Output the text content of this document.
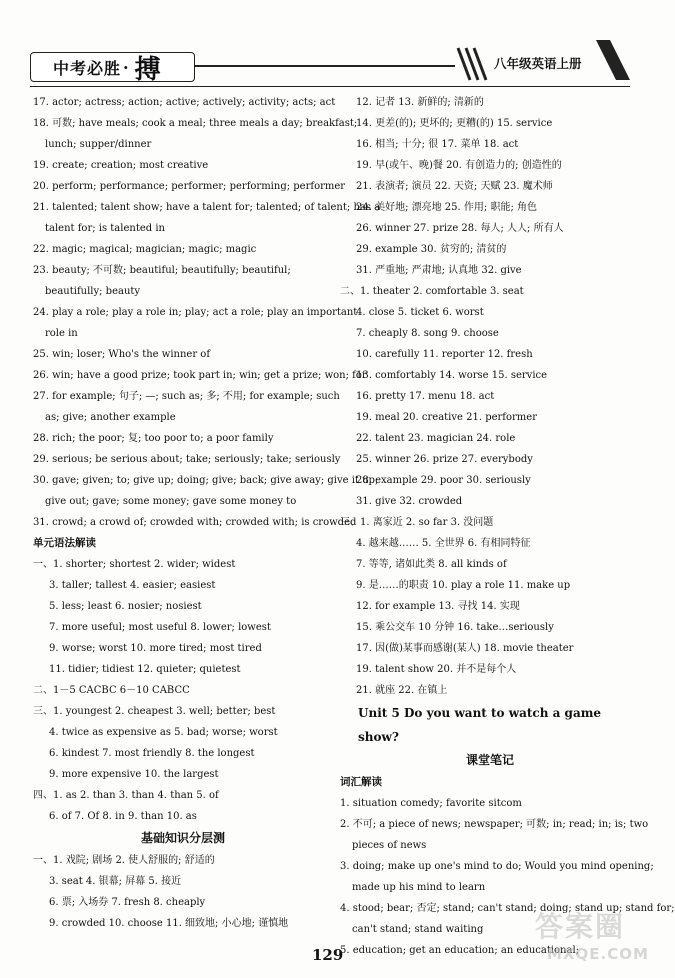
中考必胜 · 搏	八年级英语上册
17. actor; actress; action; active; actively; activity; acts; act
18. 可数; have meals; cook a meal; three meals a day; breakfast;
lunch; supper/dinner
19. create; creation; most creative
20. perform; performance; performer; performing; performer
21. talented; talent show; have a talent for; talented; of talent; has a
talent for; is talented in
22. magic; magical; magician; magic; magic
23. beauty; 不可数; beautiful; beautifully; beautiful;
beautifully; beauty
24. play a role; play a role in; play; act a role; play an important
role in
25. win; loser; Who's the winner of
26. win; have a good prize; took part in; win; get a prize; won; for
27. for example; 句子; —; such as; 多; 不用; for example; such
as; give; another example
28. rich; the poor; 复; too poor to; a poor family
29. serious; be serious about; take; seriously; take; seriously
30. gave; given; to; give up; doing; give; back; give away; give it up;
give out; gave; some money; gave some money to
31. crowd; a crowd of; crowded with; crowded with; is crowded
单元语法解读
一、1. shorter; shortest 2. wider; widest
3. taller; tallest 4. easier; easiest
5. less; least 6. nosier; nosiest
7. more useful; most useful 8. lower; lowest
9. worse; worst 10. more tired; most tired
11. tidier; tidiest 12. quieter; quietest
二、1－5 CACBC 6－10 CABCC
三、1. youngest 2. cheapest 3. well; better; best
4. twice as expensive as 5. bad; worse; worst
6. kindest 7. most friendly 8. the longest
9. more expensive 10. the largest
四、1. as 2. than 3. than 4. than 5. of
6. of 7. Of 8. in 9. than 10. as
基础知识分层测
一、1. 戏院; 剧场 2. 使人舒服的; 舒适的
3. seat 4. 银幕; 屏幕 5. 接近
6. 票; 入场券 7. fresh 8. cheaply
9. crowded 10. choose 11. 细致地; 小心地; 谨慎地
12. 记者 13. 新鲜的; 清新的
14. 更差(的); 更坏的; 更糟(的) 15. service
16. 相当; 十分; 很 17. 菜单 18. act
19. 早(或午、晚)餐 20. 有创造力的; 创造性的
21. 表演者; 演员 22. 天资; 天赋 23. 魔术师
24. 美好地; 漂亮地 25. 作用; 职能; 角色
26. winner 27. prize 28. 每人; 人人; 所有人
29. example 30. 贫穷的; 清贫的
31. 严重地; 严肃地; 认真地 32. give
二、1. theater 2. comfortable 3. seat
4. close 5. ticket 6. worst
7. cheaply 8. song 9. choose
10. carefully 11. reporter 12. fresh
13. comfortably 14. worse 15. service
16. pretty 17. menu 18. act
19. meal 20. creative 21. performer
22. talent 23. magician 24. role
25. winner 26. prize 27. everybody
28. example 29. poor 30. seriously
31. give 32. crowded
三、1. 离家近 2. so far 3. 没问题
4. 越来越…… 5. 全世界 6. 有相同特征
7. 等等, 诸如此类 8. all kinds of
9. 是……的职责 10. play a role 11. make up
12. for example 13. 寻找 14. 实现
15. 乘公交车 10 分钟 16. take…seriously
17. 因(做)某事而感谢(某人) 18. movie theater
19. talent show 20. 并不是每个人
21. 就座 22. 在镇上
Unit 5 Do you want to watch a game show?
课堂笔记
词汇解读
1. situation comedy; favorite sitcom
2. 不可; a piece of news; newspaper; 可数; in; read; in; is; two
pieces of news
3. doing; make up one's mind to do; Would you mind opening;
made up his mind to learn
4. stood; bear; 否定; stand; can't stand; doing; stand up; stand for;
can't stand; stand waiting
5. education; get an education; an educational;
129
答案圈
MXQE.COM
